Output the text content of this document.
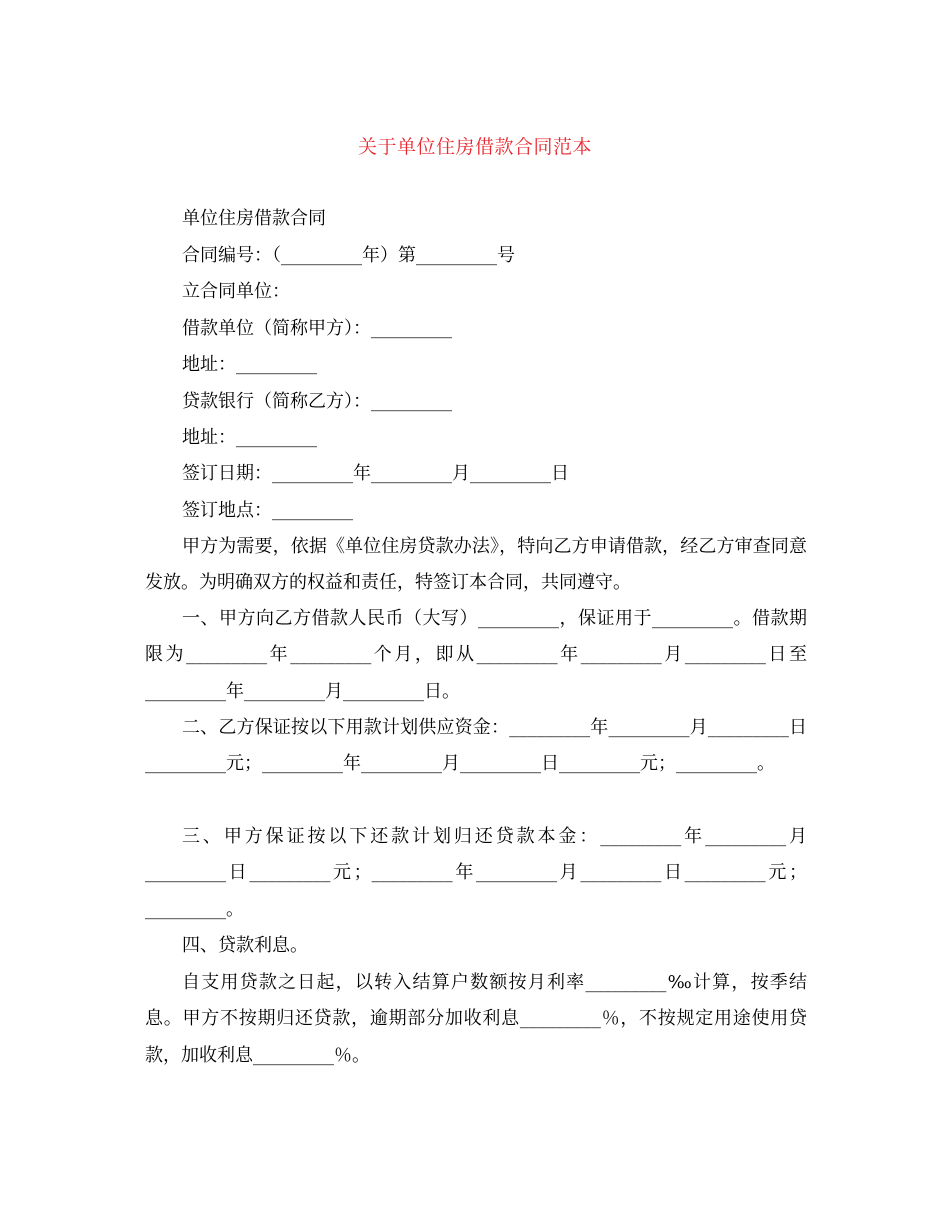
关于单位住房借款合同范本
单位住房借款合同
合同编号：（_________年）第_________号
立合同单位：
借款单位（简称甲方）：_________
地址：_________
贷款银行（简称乙方）：_________
地址：_________
签订日期：_________年_________月_________日
签订地点：_________
甲方为需要，依据《单位住房贷款办法》，特向乙方申请借款，经乙方审查同意发放。为明确双方的权益和责任，特签订本合同，共同遵守。
一、甲方向乙方借款人民币（大写）_________，保证用于_________。借款期限为_________年_________个月，即从_________年_________月_________日至_________年_________月_________日。
二、乙方保证按以下用款计划供应资金：_________年_________月_________日_________元；_________年_________月_________日_________元；_________。
三、甲方保证按以下还款计划归还贷款本金：_________年_________月_________日_________元；_________年_________月_________日_________元；_________。
四、贷款利息。
自支用贷款之日起，以转入结算户数额按月利率_________‰计算，按季结息。甲方不按期归还贷款，逾期部分加收利息_________％，不按规定用途使用贷款，加收利息_________％。
